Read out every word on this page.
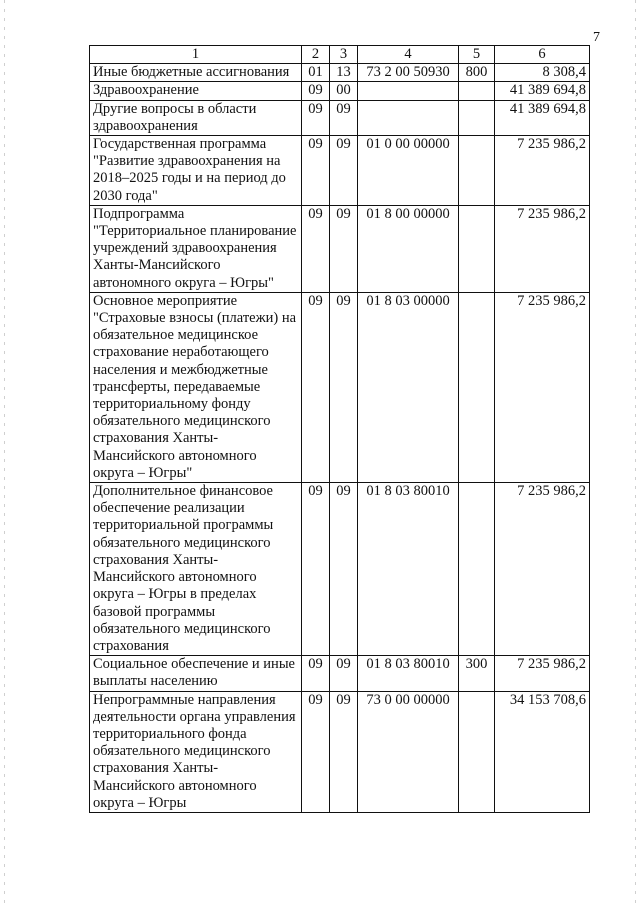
7
1	2	3	4	5	6
Иные бюджетные ассигнования	01	13	73 2 00 50930	800	8 308,4
Здравоохранение	09	00			41 389 694,8
Другие вопросы в области здравоохранения	09	09			41 389 694,8
Государственная программа "Развитие здравоохранения на 2018–2025 годы и на период до 2030 года"	09	09	01 0 00 00000		7 235 986,2
Подпрограмма "Территориальное планирование учреждений здравоохранения Ханты-Мансийского автономного округа – Югры"	09	09	01 8 00 00000		7 235 986,2
Основное мероприятие "Страховые взносы (платежи) на обязательное медицинское страхование неработающего населения и межбюджетные трансферты, передаваемые территориальному фонду обязательного медицинского страхования Ханты-Мансийского автономного округа – Югры"	09	09	01 8 03 00000		7 235 986,2
Дополнительное финансовое обеспечение реализации территориальной программы обязательного медицинского страхования Ханты-Мансийского автономного округа – Югры в пределах базовой программы обязательного медицинского страхования	09	09	01 8 03 80010		7 235 986,2
Социальное обеспечение и иные выплаты населению	09	09	01 8 03 80010	300	7 235 986,2
Непрограммные направления деятельности органа управления территориального фонда обязательного медицинского страхования Ханты-Мансийского автономного округа – Югры	09	09	73 0 00 00000		34 153 708,6
